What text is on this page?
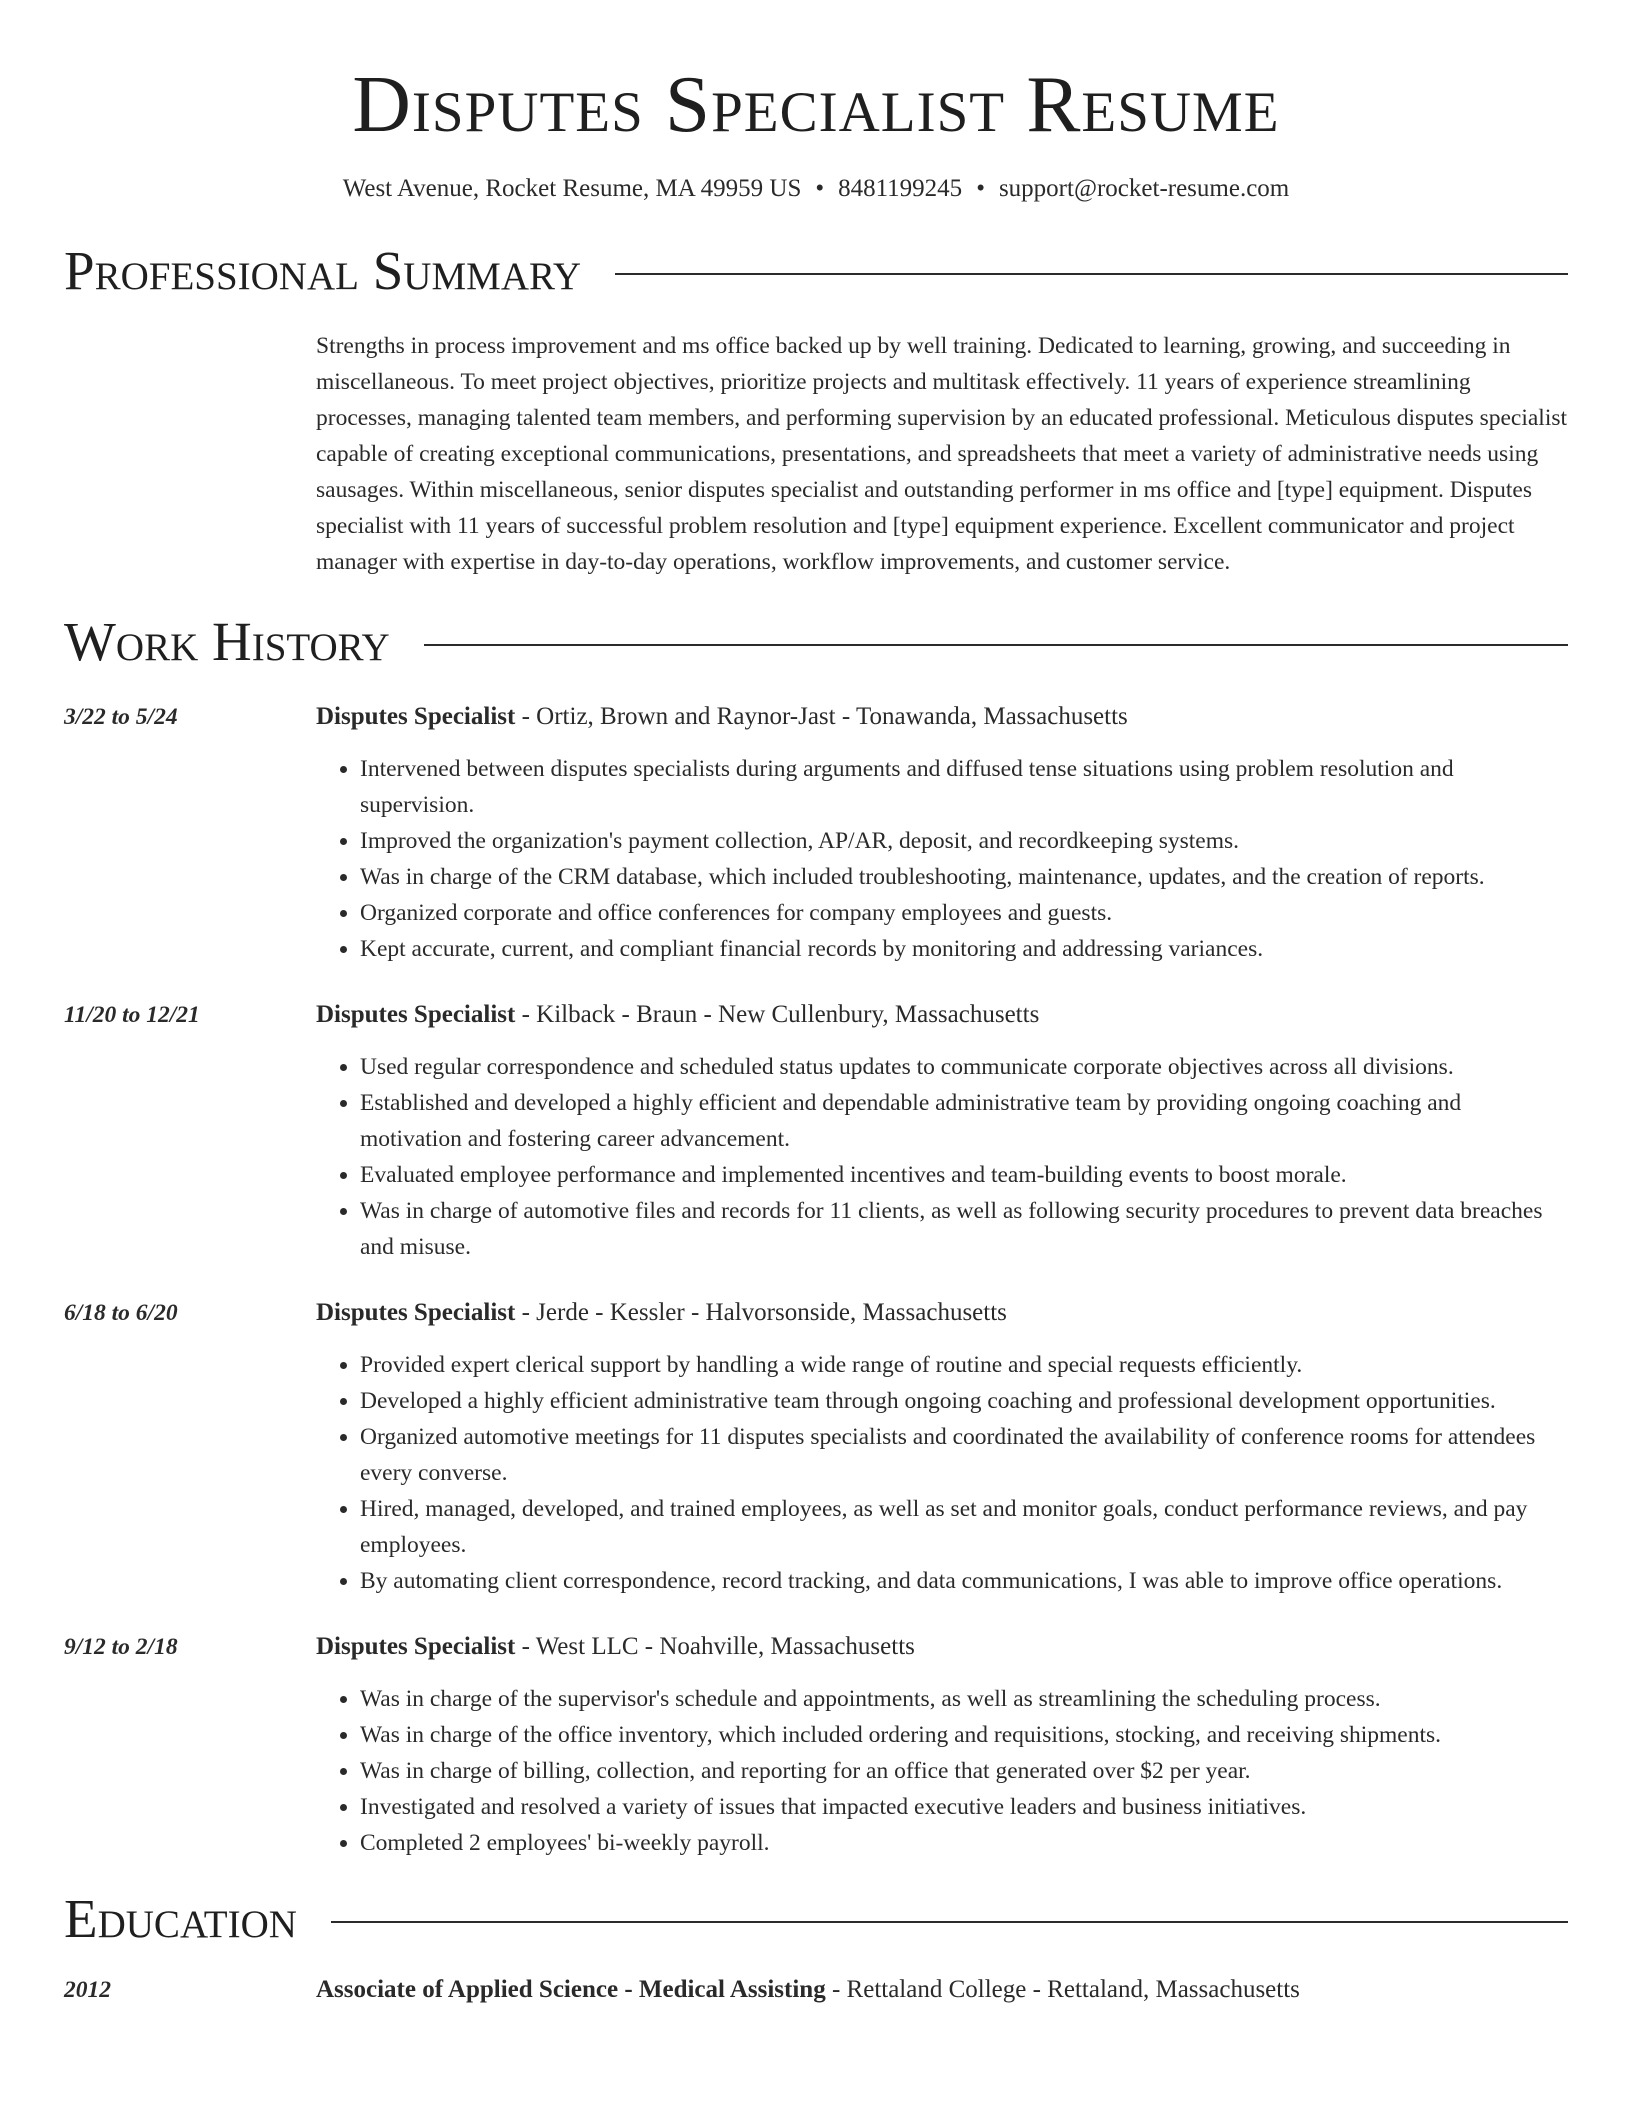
Disputes Specialist Resume
West Avenue, Rocket Resume, MA 49959 US • 8481199245 • support@rocket-resume.com
Professional Summary
Strengths in process improvement and ms office backed up by well training. Dedicated to learning, growing, and succeeding in miscellaneous. To meet project objectives, prioritize projects and multitask effectively. 11 years of experience streamlining processes, managing talented team members, and performing supervision by an educated professional. Meticulous disputes specialist capable of creating exceptional communications, presentations, and spreadsheets that meet a variety of administrative needs using sausages. Within miscellaneous, senior disputes specialist and outstanding performer in ms office and [type] equipment. Disputes specialist with 11 years of successful problem resolution and [type] equipment experience. Excellent communicator and project manager with expertise in day-to-day operations, workflow improvements, and customer service.
Work History
3/22 to 5/24	Disputes Specialist - Ortiz, Brown and Raynor-Jast - Tonawanda, Massachusetts
• Intervened between disputes specialists during arguments and diffused tense situations using problem resolution and supervision.
• Improved the organization's payment collection, AP/AR, deposit, and recordkeeping systems.
• Was in charge of the CRM database, which included troubleshooting, maintenance, updates, and the creation of reports.
• Organized corporate and office conferences for company employees and guests.
• Kept accurate, current, and compliant financial records by monitoring and addressing variances.
11/20 to 12/21	Disputes Specialist - Kilback - Braun - New Cullenbury, Massachusetts
• Used regular correspondence and scheduled status updates to communicate corporate objectives across all divisions.
• Established and developed a highly efficient and dependable administrative team by providing ongoing coaching and motivation and fostering career advancement.
• Evaluated employee performance and implemented incentives and team-building events to boost morale.
• Was in charge of automotive files and records for 11 clients, as well as following security procedures to prevent data breaches and misuse.
6/18 to 6/20	Disputes Specialist - Jerde - Kessler - Halvorsonside, Massachusetts
• Provided expert clerical support by handling a wide range of routine and special requests efficiently.
• Developed a highly efficient administrative team through ongoing coaching and professional development opportunities.
• Organized automotive meetings for 11 disputes specialists and coordinated the availability of conference rooms for attendees every converse.
• Hired, managed, developed, and trained employees, as well as set and monitor goals, conduct performance reviews, and pay employees.
• By automating client correspondence, record tracking, and data communications, I was able to improve office operations.
9/12 to 2/18	Disputes Specialist - West LLC - Noahville, Massachusetts
• Was in charge of the supervisor's schedule and appointments, as well as streamlining the scheduling process.
• Was in charge of the office inventory, which included ordering and requisitions, stocking, and receiving shipments.
• Was in charge of billing, collection, and reporting for an office that generated over $2 per year.
• Investigated and resolved a variety of issues that impacted executive leaders and business initiatives.
• Completed 2 employees' bi-weekly payroll.
Education
2012	Associate of Applied Science - Medical Assisting - Rettaland College - Rettaland, Massachusetts
